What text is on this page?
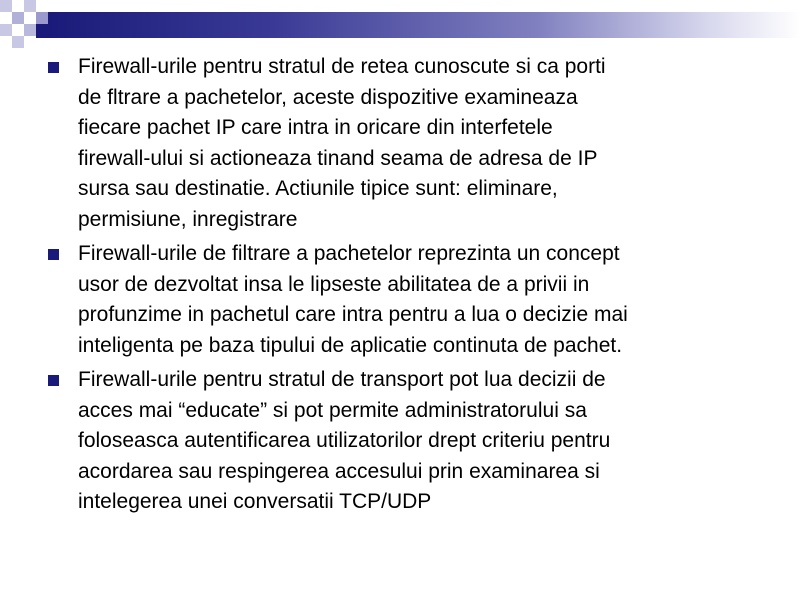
Firewall-urile pentru stratul de retea cunoscute si ca porti
de fltrare a pachetelor, aceste dispozitive examineaza
fiecare pachet IP care intra in oricare din interfetele
firewall-ului si actioneaza tinand seama de adresa de IP
sursa sau destinatie. Actiunile tipice sunt: eliminare,
permisiune, inregistrare
Firewall-urile de filtrare a pachetelor reprezinta un concept
usor de dezvoltat insa le lipseste abilitatea de a privii in
profunzime in pachetul care intra pentru a lua o decizie mai
inteligenta pe baza tipului de aplicatie continuta de pachet.
Firewall-urile pentru stratul de transport pot lua decizii de
acces mai “educate” si pot permite administratorului sa
foloseasca autentificarea utilizatorilor drept criteriu pentru
acordarea sau respingerea accesului prin examinarea si
intelegerea unei conversatii TCP/UDP
